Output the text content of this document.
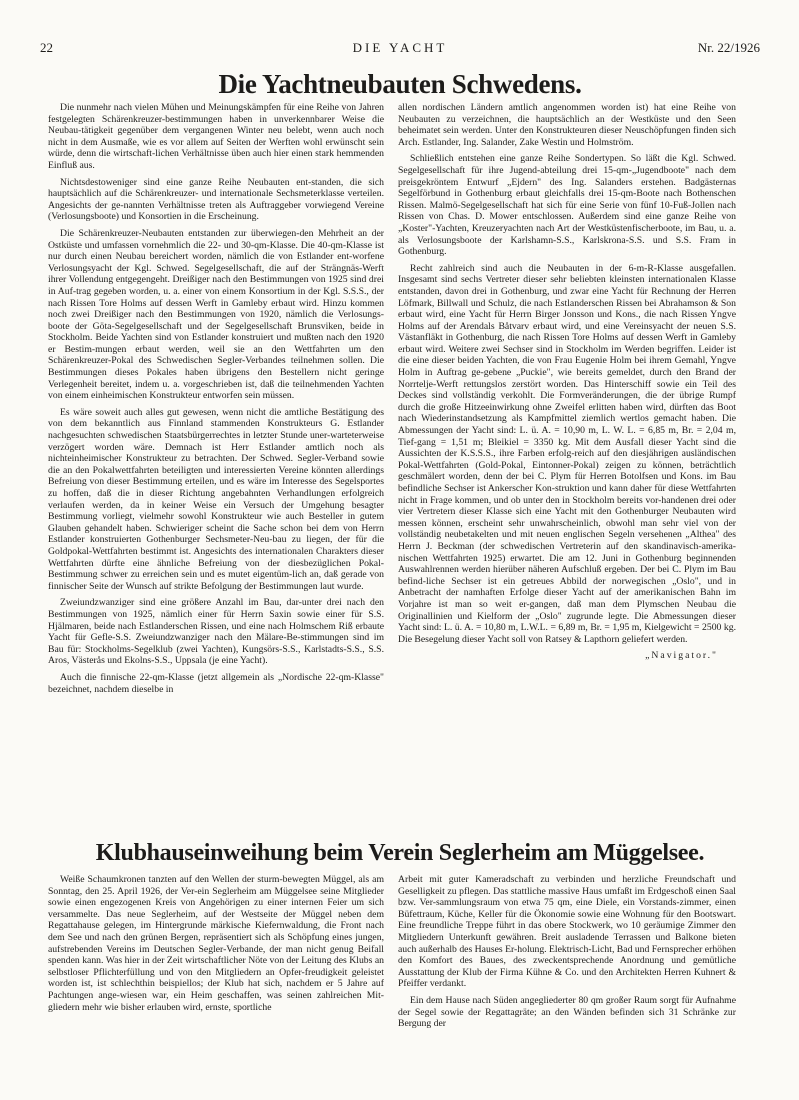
22	DIE YACHT	Nr. 22/1926
Die Yachtneubauten Schwedens.

Die nunmehr nach vielen Mühen und Meinungskämpfen für eine Reihe von Jahren festgelegten Schärenkreuzer-bestimmungen haben in unverkennbarer Weise die Neubau-tätigkeit gegenüber dem vergangenen Winter neu belebt, wenn auch noch nicht in dem Ausmaße, wie es vor allem auf Seiten der Werften wohl erwünscht sein würde, denn die wirtschaft-lichen Verhältnisse üben auch hier einen stark hemmenden Einfluß aus.

Nichtsdestoweniger sind eine ganze Reihe Neubauten ent-standen, die sich hauptsächlich auf die Schärenkreuzer- und internationale Sechsmeterklasse verteilen. Angesichts der ge-nannten Verhältnisse treten als Auftraggeber vorwiegend Vereine (Verlosungsboote) und Konsortien in die Erscheinung.

Die Schärenkreuzer-Neubauten entstanden zur überwiegen-den Mehrheit an der Ostküste und umfassen vornehmlich die 22- und 30-qm-Klasse. Die 40-qm-Klasse ist nur durch einen Neubau bereichert worden, nämlich die von Estlander ent-worfene Verlosungsyacht der Kgl. Schwed. Segelgesellschaft, die auf der Strängnäs-Werft ihrer Vollendung entgegengeht. Dreißiger nach den Bestimmungen von 1925 sind drei in Auf-trag gegeben worden, u. a. einer von einem Konsortium in der Kgl. S.S.S., der nach Rissen Tore Holms auf dessen Werft in Gamleby erbaut wird. Hinzu kommen noch zwei Dreißiger nach den Bestimmungen von 1920, nämlich die Verlosungs-boote der Göta-Segelgesellschaft und der Segelgesellschaft Brunsviken, beide in Stockholm. Beide Yachten sind von Estlander konstruiert und mußten nach den 1920 er Bestim-mungen erbaut werden, weil sie an den Wettfahrten um den Schärenkreuzer-Pokal des Schwedischen Segler-Verbandes teilnehmen sollen. Die Bestimmungen dieses Pokales haben übrigens den Bestellern nicht geringe Verlegenheit bereitet, indem u. a. vorgeschrieben ist, daß die teilnehmenden Yachten von einem einheimischen Konstrukteur entworfen sein müssen.

Es wäre soweit auch alles gut gewesen, wenn nicht die amtliche Bestätigung des von dem bekanntlich aus Finnland stammenden Konstrukteurs G. Estlander nachgesuchten schwedischen Staatsbürgerrechtes in letzter Stunde uner-warteterweise verzögert worden wäre. Demnach ist Herr Estlander amtlich noch als nichteinheimischer Konstrukteur zu betrachten. Der Schwed. Segler-Verband sowie die an den Pokalwettfahrten beteiligten und interessierten Vereine könnten allerdings Befreiung von dieser Bestimmung erteilen, und es wäre im Interesse des Segelsportes zu hoffen, daß die in dieser Richtung angebahnten Verhandlungen erfolgreich verlaufen werden, da in keiner Weise ein Versuch der Umgehung besagter Bestimmung vorliegt, vielmehr sowohl Konstrukteur wie auch Besteller in gutem Glauben gehandelt haben. Schwieriger scheint die Sache schon bei dem von Herrn Estlander konstruierten Gothenburger Sechsmeter-Neu-bau zu liegen, der für die Goldpokal-Wettfahrten bestimmt ist. Angesichts des internationalen Charakters dieser Wettfahrten dürfte eine ähnliche Befreiung von der diesbezüglichen Pokal-Bestimmung schwer zu erreichen sein und es mutet eigentüm-lich an, daß gerade von finnischer Seite der Wunsch auf strikte Befolgung der Bestimmungen laut wurde.

Zweiundzwanziger sind eine größere Anzahl im Bau, dar-unter drei nach den Bestimmungen von 1925, nämlich einer für Herrn Saxin sowie einer für S.S. Hjälmaren, beide nach Estlanderschen Rissen, und eine nach Holmschem Riß erbaute Yacht für Gefle-S.S. Zweiundzwanziger nach den Mälare-Be-stimmungen sind im Bau für: Stockholms-Segelklub (zwei Yachten), Kungsörs-S.S., Karlstadts-S.S., S.S. Aros, Västerås und Ekolns-S.S., Uppsala (je eine Yacht).

Auch die finnische 22-qm-Klasse (jetzt allgemein als „Nordische 22-qm-Klasse" bezeichnet, nachdem dieselbe in

allen nordischen Ländern amtlich angenommen worden ist) hat eine Reihe von Neubauten zu verzeichnen, die hauptsächlich an der Westküste und den Seen beheimatet sein werden. Unter den Konstrukteuren dieser Neuschöpfungen finden sich Arch. Estlander, Ing. Salander, Zake Westin und Holmström.

Schließlich entstehen eine ganze Reihe Sondertypen. So läßt die Kgl. Schwed. Segelgesellschaft für ihre Jugend-abteilung drei 15-qm-„Jugendboote" nach dem preisgekröntem Entwurf „Ejdern" des Ing. Salanders erstehen. Badgästernas Segelförbund in Gothenburg erbaut gleichfalls drei 15-qm-Boote nach Bothenschen Rissen. Malmö-Segelgesellschaft hat sich für eine Serie von fünf 10-Fuß-Jollen nach Rissen von Chas. D. Mower entschlossen. Außerdem sind eine ganze Reihe von „Koster"-Yachten, Kreuzeryachten nach Art der Westküstenfischerboote, im Bau, u. a. als Verlosungsboote der Karlshamn-S.S., Karlskrona-S.S. und S.S. Fram in Gothenburg.

Recht zahlreich sind auch die Neubauten in der 6-m-R-Klasse ausgefallen. Insgesamt sind sechs Vertreter dieser sehr beliebten kleinsten internationalen Klasse entstanden, davon drei in Gothenburg, und zwar eine Yacht für Rechnung der Herren Löfmark, Billwall und Schulz, die nach Estlanderschen Rissen bei Abrahamson & Son erbaut wird, eine Yacht für Herrn Birger Jonsson und Kons., die nach Rissen Yngve Holms auf der Arendals Båtvarv erbaut wird, und eine Vereinsyacht der neuen S.S. Västanfläkt in Gothenburg, die nach Rissen Tore Holms auf dessen Werft in Gamleby erbaut wird. Weitere zwei Sechser sind in Stockholm im Werden begriffen. Leider ist die eine dieser beiden Yachten, die von Frau Eugenie Holm bei ihrem Gemahl, Yngve Holm in Auftrag ge-gebene „Puckie", wie bereits gemeldet, durch den Brand der Norrtelje-Werft rettungslos zerstört worden. Das Hinterschiff sowie ein Teil des Deckes sind vollständig verkohlt. Die Formveränderungen, die der übrige Rumpf durch die große Hitzeeinwirkung ohne Zweifel erlitten haben wird, dürften das Boot nach Wiederinstandsetzung als Kampfmittel ziemlich wertlos gemacht haben. Die Abmessungen der Yacht sind: L. ü. A. = 10,90 m, L. W. L. = 6,85 m, Br. = 2,04 m, Tief-gang = 1,51 m; Bleikiel = 3350 kg. Mit dem Ausfall dieser Yacht sind die Aussichten der K.S.S.S., ihre Farben erfolg-reich auf den diesjährigen ausländischen Pokal-Wettfahrten (Gold-Pokal, Eintonner-Pokal) zeigen zu können, beträchtlich geschmälert worden, denn der bei C. Plym für Herren Botolfsen und Kons. im Bau befindliche Sechser ist Ankerscher Kon-struktion und kann daher für diese Wettfahrten nicht in Frage kommen, und ob unter den in Stockholm bereits vor-handenen drei oder vier Vertretern dieser Klasse sich eine Yacht mit den Gothenburger Neubauten wird messen können, erscheint sehr unwahrscheinlich, obwohl man sehr viel von der vollständig neubetakelten und mit neuen englischen Segeln versehenen „Althea" des Herrn J. Beckman (der schwedischen Vertreterin auf den skandinavisch-amerika-nischen Wettfahrten 1925) erwartet. Die am 12. Juni in Gothenburg beginnenden Auswahlrennen werden hierüber näheren Aufschluß ergeben. Der bei C. Plym im Bau befind-liche Sechser ist ein getreues Abbild der norwegischen „Oslo", und in Anbetracht der namhaften Erfolge dieser Yacht auf der amerikanischen Bahn im Vorjahre ist man so weit er-gangen, daß man dem Plymschen Neubau die Originallinien und Kielform der „Oslo" zugrunde legte. Die Abmessungen dieser Yacht sind: L. ü. A. = 10,80 m, L.W.L. = 6,89 m, Br. = 1,95 m, Kielgewicht = 2500 kg. Die Besegelung dieser Yacht soll von Ratsey & Lapthorn geliefert werden.

„Navigator."

Klubhauseinweihung beim Verein Seglerheim am Müggelsee.

Weiße Schaumkronen tanzten auf den Wellen der sturm-bewegten Müggel, als am Sonntag, den 25. April 1926, der Ver-ein Seglerheim am Müggelsee seine Mitglieder sowie einen engezogenen Kreis von Angehörigen zu einer internen Feier um sich versammelte. Das neue Seglerheim, auf der Westseite der Müggel neben dem Regattahause gelegen, im Hintergrunde märkische Kiefernwaldung, die Front nach dem See und nach den grünen Bergen, repräsentiert sich als Schöpfung eines jungen, aufstrebenden Vereins im Deutschen Segler-Verbande, der man nicht genug Beifall spenden kann. Was hier in der Zeit wirtschaftlicher Nöte von der Leitung des Klubs an selbstloser Pflichterfüllung und von den Mitgliedern an Opfer-freudigkeit geleistet worden ist, ist schlechthin beispiellos; der Klub hat sich, nachdem er 5 Jahre auf Pachtungen ange-wiesen war, ein Heim geschaffen, was seinen zahlreichen Mit-gliedern mehr wie bisher erlauben wird, ernste, sportliche

Arbeit mit guter Kameradschaft zu verbinden und herzliche Freundschaft und Geselligkeit zu pflegen. Das stattliche massive Haus umfaßt im Erdgeschoß einen Saal bzw. Ver-sammlungsraum von etwa 75 qm, eine Diele, ein Vorstands-zimmer, einen Büfettraum, Küche, Keller für die Ökonomie sowie eine Wohnung für den Bootswart. Eine freundliche Treppe führt in das obere Stockwerk, wo 10 geräumige Zimmer den Mitgliedern Unterkunft gewähren. Breit ausladende Terrassen und Balkone bieten auch außerhalb des Hauses Er-holung. Elektrisch-Licht, Bad und Fernsprecher erhöhen den Komfort des Baues, des zweckentsprechende Anordnung und gemütliche Ausstattung der Klub der Firma Kühne & Co. und den Architekten Herren Kuhnert & Pfeiffer verdankt.

Ein dem Hause nach Süden angegliederter 80 qm großer Raum sorgt für Aufnahme der Segel sowie der Regattagräte; an den Wänden befinden sich 31 Schränke zur Bergung der
